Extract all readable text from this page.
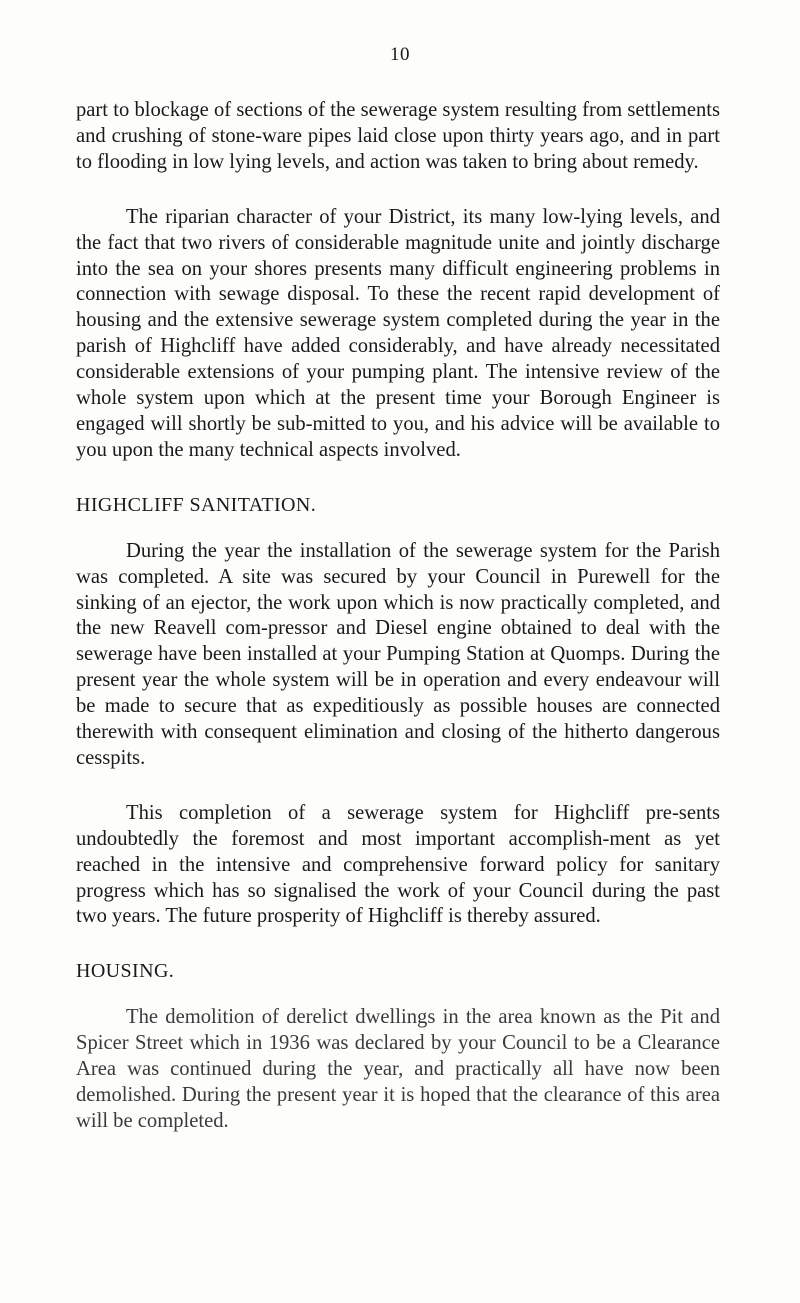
10

part to blockage of sections of the sewerage system resulting from settlements and crushing of stone-ware pipes laid close upon thirty years ago, and in part to flooding in low lying levels, and action was taken to bring about remedy.

The riparian character of your District, its many low-lying levels, and the fact that two rivers of considerable magnitude unite and jointly discharge into the sea on your shores presents many difficult engineering problems in connection with sewage disposal. To these the recent rapid development of housing and the extensive sewerage system completed during the year in the parish of Highcliff have added considerably, and have already necessitated considerable extensions of your pumping plant. The intensive review of the whole system upon which at the present time your Borough Engineer is engaged will shortly be sub-mitted to you, and his advice will be available to you upon the many technical aspects involved.

HIGHCLIFF SANITATION.

During the year the installation of the sewerage system for the Parish was completed. A site was secured by your Council in Purewell for the sinking of an ejector, the work upon which is now practically completed, and the new Reavell com-pressor and Diesel engine obtained to deal with the sewerage have been installed at your Pumping Station at Quomps. During the present year the whole system will be in operation and every endeavour will be made to secure that as expeditiously as possible houses are connected therewith with consequent elimination and closing of the hitherto dangerous cesspits.

This completion of a sewerage system for Highcliff pre-sents undoubtedly the foremost and most important accomplish-ment as yet reached in the intensive and comprehensive forward policy for sanitary progress which has so signalised the work of your Council during the past two years. The future prosperity of Highcliff is thereby assured.

HOUSING.

The demolition of derelict dwellings in the area known as the Pit and Spicer Street which in 1936 was declared by your Council to be a Clearance Area was continued during the year, and practically all have now been demolished. During the present year it is hoped that the clearance of this area will be completed.
